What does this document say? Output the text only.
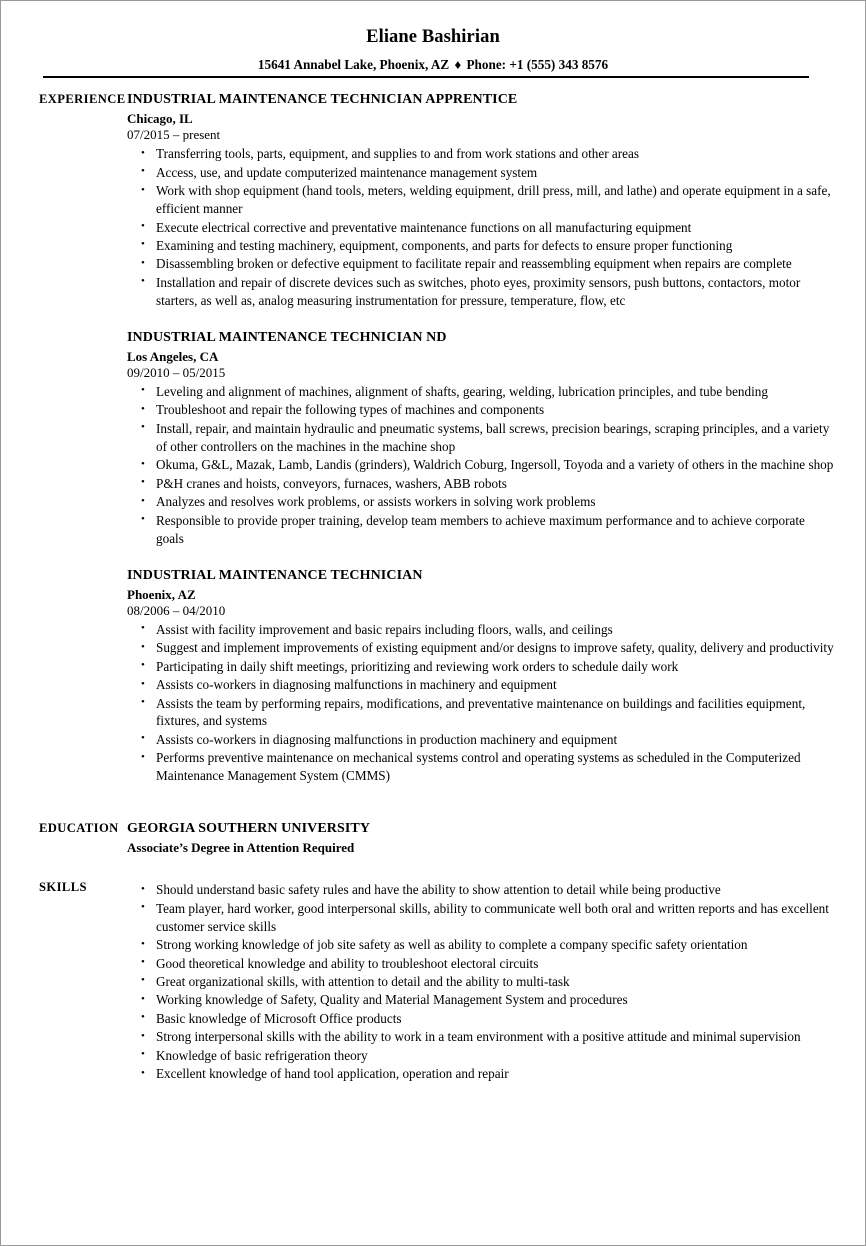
Eliane Bashirian
15641 Annabel Lake, Phoenix, AZ ♦ Phone: +1 (555) 343 8576
EXPERIENCE INDUSTRIAL MAINTENANCE TECHNICIAN APPRENTICE
Chicago, IL
07/2015 – present
• Transferring tools, parts, equipment, and supplies to and from work stations and other areas
• Access, use, and update computerized maintenance management system
• Work with shop equipment (hand tools, meters, welding equipment, drill press, mill, and lathe) and operate equipment in a safe, efficient manner
• Execute electrical corrective and preventative maintenance functions on all manufacturing equipment
• Examining and testing machinery, equipment, components, and parts for defects to ensure proper functioning
• Disassembling broken or defective equipment to facilitate repair and reassembling equipment when repairs are complete
• Installation and repair of discrete devices such as switches, photo eyes, proximity sensors, push buttons, contactors, motor starters, as well as, analog measuring instrumentation for pressure, temperature, flow, etc
INDUSTRIAL MAINTENANCE TECHNICIAN ND
Los Angeles, CA
09/2010 – 05/2015
• Leveling and alignment of machines, alignment of shafts, gearing, welding, lubrication principles, and tube bending
• Troubleshoot and repair the following types of machines and components
• Install, repair, and maintain hydraulic and pneumatic systems, ball screws, precision bearings, scraping principles, and a variety of other controllers on the machines in the machine shop
• Okuma, G&L, Mazak, Lamb, Landis (grinders), Waldrich Coburg, Ingersoll, Toyoda and a variety of others in the machine shop
• P&H cranes and hoists, conveyors, furnaces, washers, ABB robots
• Analyzes and resolves work problems, or assists workers in solving work problems
• Responsible to provide proper training, develop team members to achieve maximum performance and to achieve corporate goals
INDUSTRIAL MAINTENANCE TECHNICIAN
Phoenix, AZ
08/2006 – 04/2010
• Assist with facility improvement and basic repairs including floors, walls, and ceilings
• Suggest and implement improvements of existing equipment and/or designs to improve safety, quality, delivery and productivity
• Participating in daily shift meetings, prioritizing and reviewing work orders to schedule daily work
• Assists co-workers in diagnosing malfunctions in machinery and equipment
• Assists the team by performing repairs, modifications, and preventative maintenance on buildings and facilities equipment, fixtures, and systems
• Assists co-workers in diagnosing malfunctions in production machinery and equipment
• Performs preventive maintenance on mechanical systems control and operating systems as scheduled in the Computerized Maintenance Management System (CMMS)
EDUCATION GEORGIA SOUTHERN UNIVERSITY
Associate’s Degree in Attention Required
SKILLS	• Should understand basic safety rules and have the ability to show attention to detail while being productive
• Team player, hard worker, good interpersonal skills, ability to communicate well both oral and written reports and has excellent customer service skills
• Strong working knowledge of job site safety as well as ability to complete a company specific safety orientation
• Good theoretical knowledge and ability to troubleshoot electoral circuits
• Great organizational skills, with attention to detail and the ability to multi-task
• Working knowledge of Safety, Quality and Material Management System and procedures
• Basic knowledge of Microsoft Office products
• Strong interpersonal skills with the ability to work in a team environment with a positive attitude and minimal supervision
• Knowledge of basic refrigeration theory
• Excellent knowledge of hand tool application, operation and repair
